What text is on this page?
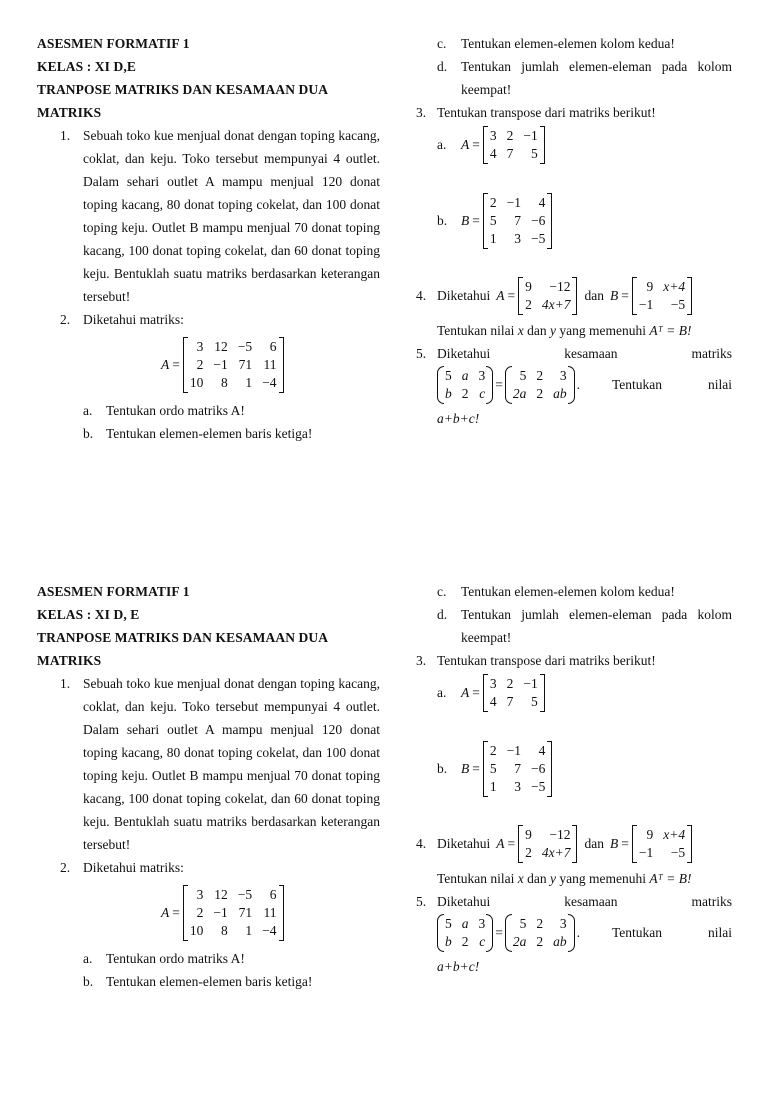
ASESMEN FORMATIF 1
KELAS : XI D,E
TRANPOSE MATRIKS DAN KESAMAAN DUA
MATRIKS
1. Sebuah toko kue menjual donat dengan toping kacang, coklat, dan keju. Toko tersebut mempunyai 4 outlet. Dalam sehari outlet A mampu menjual 120 donat toping kacang, 80 donat toping cokelat, dan 100 donat toping keju. Outlet B mampu menjual 70 donat toping kacang, 100 donat toping cokelat, dan 60 donat toping keju. Bentuklah suatu matriks berdasarkan keterangan tersebut!
2. Diketahui matriks:
A =
3 12 −5	6
2 −1 71 11
10	8	1 −4
a. Tentukan ordo matriks A!
b. Tentukan elemen-elemen baris ketiga!
c. Tentukan elemen-elemen kolom kedua!
d. Tentukan jumlah elemen-eleman pada kolom keempat!
3. Tentukan transpose dari matriks berikut!
a.	A =
3 2 −1
4 7	5
b.	B =
2 −1	4
5	7 −6
1	3 −5
4. Diketahui A =
9	−12
2 4x+7
dan B =
9 x+4
−1	−5
Tentukan nilai x dan y yang memenuhi Aᵀ = B!
5. Diketahui	kesamaan	matriks
5 a 3
b 2 c
=
5 2	3
2a 2 ab
. Tentukan	nilai
a+b+c!
ASESMEN FORMATIF 1
KELAS : XI D, E
TRANPOSE MATRIKS DAN KESAMAAN DUA
MATRIKS
1. Sebuah toko kue menjual donat dengan toping kacang, coklat, dan keju. Toko tersebut mempunyai 4 outlet. Dalam sehari outlet A mampu menjual 120 donat toping kacang, 80 donat toping cokelat, dan 100 donat toping keju. Outlet B mampu menjual 70 donat toping kacang, 100 donat toping cokelat, dan 60 donat toping keju. Bentuklah suatu matriks berdasarkan keterangan tersebut!
2. Diketahui matriks:
A =
3 12 −5	6
2 −1 71 11
10	8	1 −4
a. Tentukan ordo matriks A!
b. Tentukan elemen-elemen baris ketiga!
c. Tentukan elemen-elemen kolom kedua!
d. Tentukan jumlah elemen-eleman pada kolom keempat!
3. Tentukan transpose dari matriks berikut!
a.	A =
3 2 −1
4 7	5
b.	B =
2 −1	4
5	7 −6
1	3 −5
4. Diketahui A =
9	−12
2 4x+7
dan B =
9 x+4
−1	−5
Tentukan nilai x dan y yang memenuhi Aᵀ = B!
5. Diketahui	kesamaan	matriks
5 a 3
b 2 c
=
5 2	3
2a 2 ab
. Tentukan	nilai
a+b+c!
